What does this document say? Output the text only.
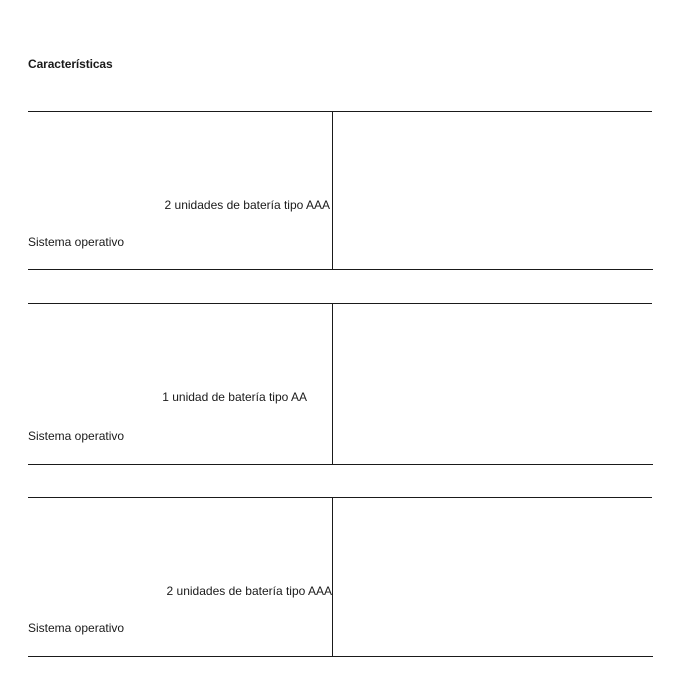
Características
2 unidades de batería tipo AAA
Sistema operativo
1 unidad de batería tipo AA
Sistema operativo
2 unidades de batería tipo AAA
Sistema operativo
